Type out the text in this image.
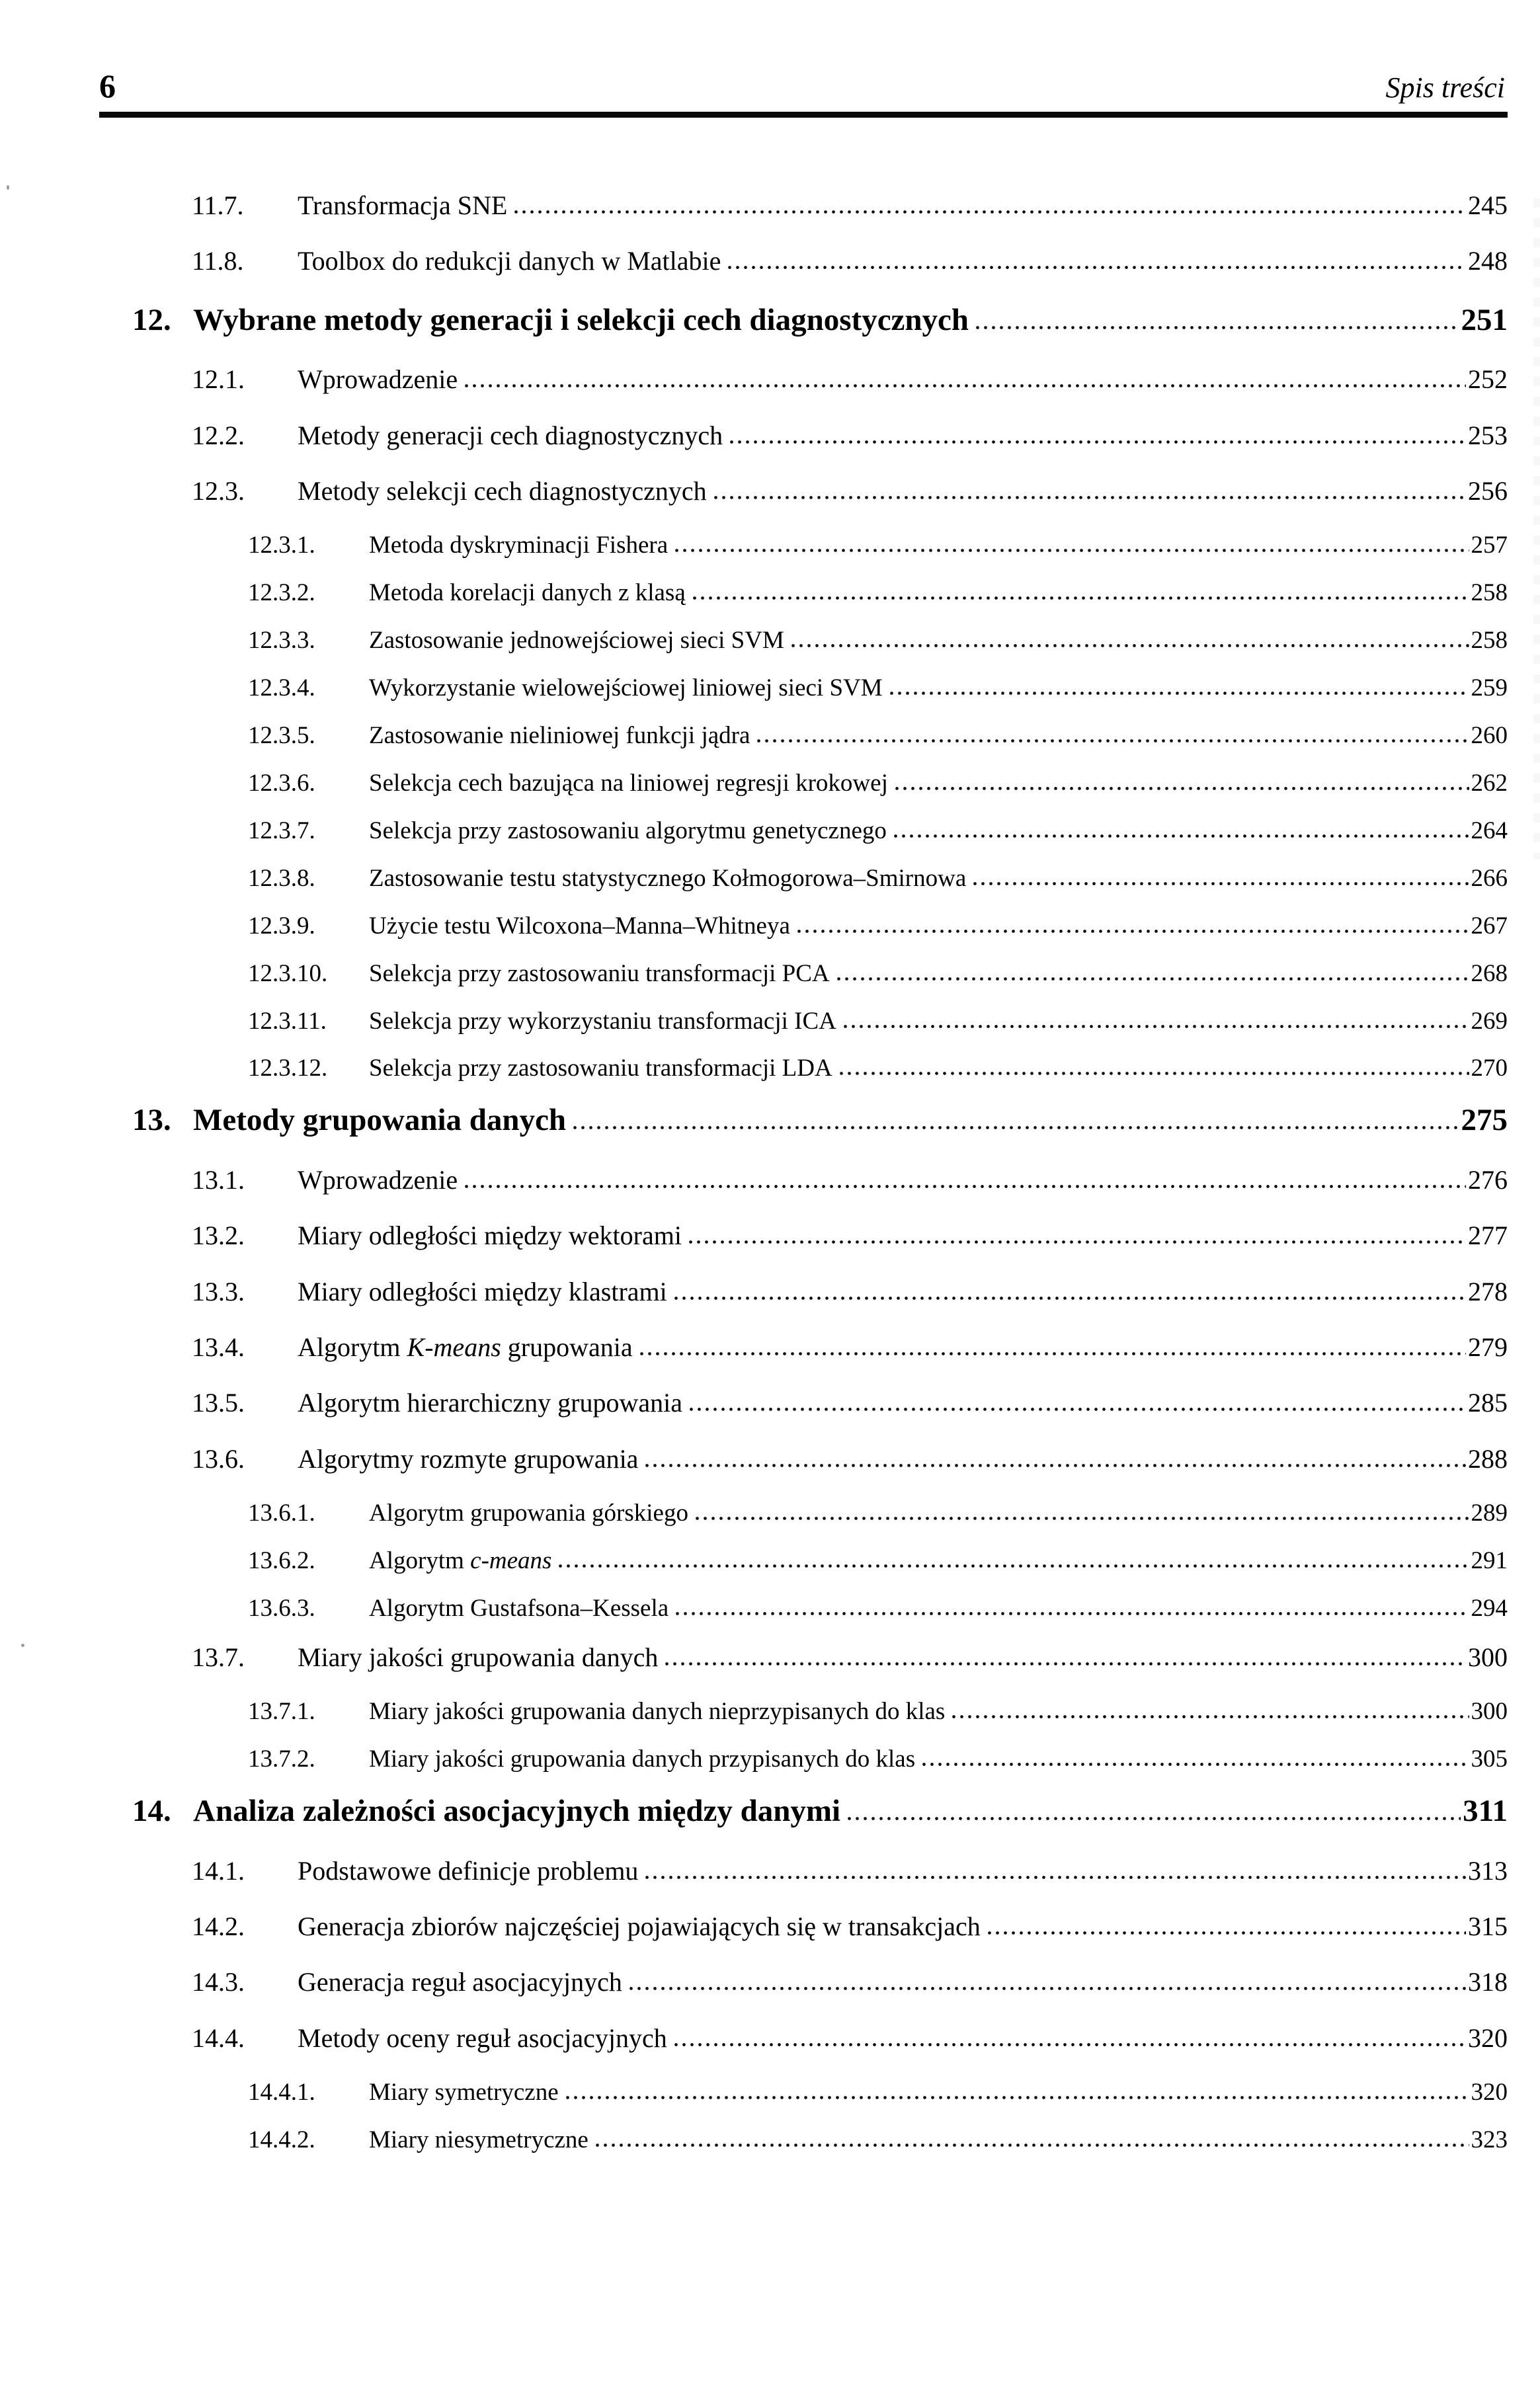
6	Spis treści
11.7.	Transformacja SNE	245
11.8.	Toolbox do redukcji danych w Matlabie	248
12. Wybrane metody generacji i selekcji cech diagnostycznych	251
12.1.	Wprowadzenie	252
12.2.	Metody generacji cech diagnostycznych	253
12.3.	Metody selekcji cech diagnostycznych	256
12.3.1.	Metoda dyskryminacji Fishera	257
12.3.2.	Metoda korelacji danych z klasą	258
12.3.3.	Zastosowanie jednowejściowej sieci SVM	258
12.3.4.	Wykorzystanie wielowejściowej liniowej sieci SVM	259
12.3.5.	Zastosowanie nieliniowej funkcji jądra	260
12.3.6.	Selekcja cech bazująca na liniowej regresji krokowej	262
12.3.7.	Selekcja przy zastosowaniu algorytmu genetycznego	264
12.3.8.	Zastosowanie testu statystycznego Kołmogorowa–Smirnowa	266
12.3.9.	Użycie testu Wilcoxona–Manna–Whitneya	267
12.3.10.	Selekcja przy zastosowaniu transformacji PCA	268
12.3.11.	Selekcja przy wykorzystaniu transformacji ICA	269
12.3.12.	Selekcja przy zastosowaniu transformacji LDA	270
13. Metody grupowania danych	275
13.1.	Wprowadzenie	276
13.2.	Miary odległości między wektorami	277
13.3.	Miary odległości między klastrami	278
13.4.	Algorytm K-means grupowania	279
13.5.	Algorytm hierarchiczny grupowania	285
13.6.	Algorytmy rozmyte grupowania	288
13.6.1.	Algorytm grupowania górskiego	289
13.6.2.	Algorytm c-means	291
13.6.3.	Algorytm Gustafsona–Kessela	294
13.7.	Miary jakości grupowania danych	300
13.7.1.	Miary jakości grupowania danych nieprzypisanych do klas	300
13.7.2.	Miary jakości grupowania danych przypisanych do klas	305
14. Analiza zależności asocjacyjnych między danymi	311
14.1.	Podstawowe definicje problemu	313
14.2.	Generacja zbiorów najczęściej pojawiających się w transakcjach	315
14.3.	Generacja reguł asocjacyjnych	318
14.4.	Metody oceny reguł asocjacyjnych	320
14.4.1.	Miary symetryczne	320
14.4.2.	Miary niesymetryczne	323
